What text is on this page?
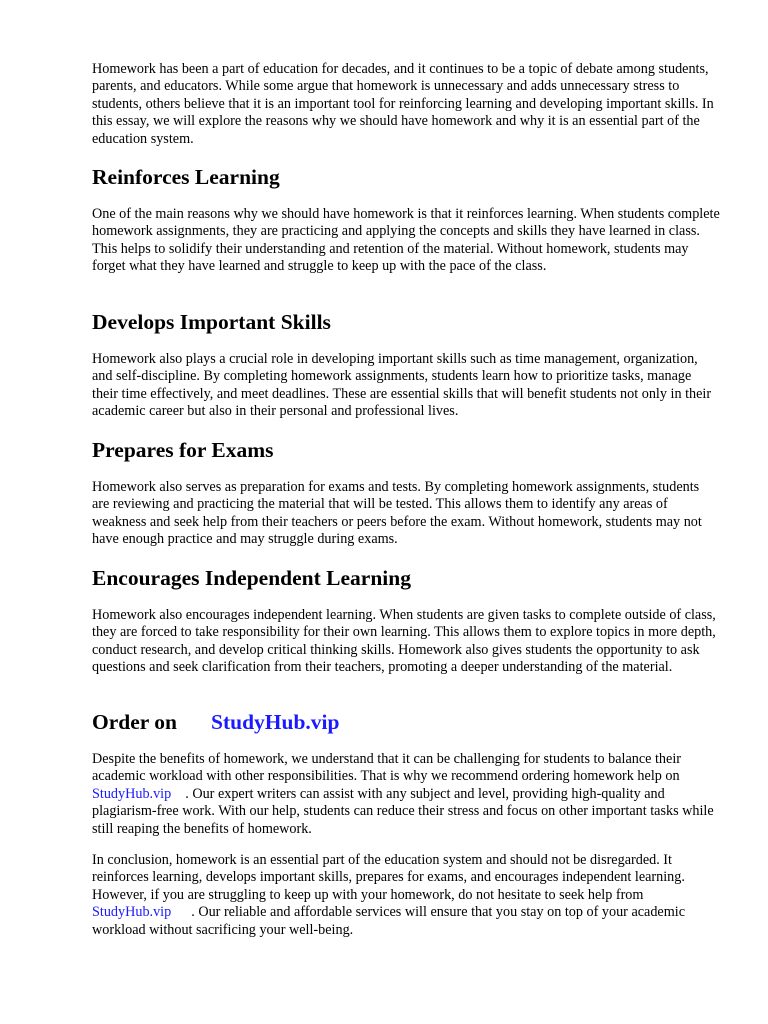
Homework has been a part of education for decades, and it continues to be a topic of debate among students, parents, and educators. While some argue that homework is unnecessary and adds unnecessary stress to students, others believe that it is an important tool for reinforcing learning and developing important skills. In this essay, we will explore the reasons why we should have homework and why it is an essential part of the education system.

Reinforces Learning

One of the main reasons why we should have homework is that it reinforces learning. When students complete homework assignments, they are practicing and applying the concepts and skills they have learned in class. This helps to solidify their understanding and retention of the material. Without homework, students may forget what they have learned and struggle to keep up with the pace of the class.

Develops Important Skills

Homework also plays a crucial role in developing important skills such as time management, organization, and self-discipline. By completing homework assignments, students learn how to prioritize tasks, manage their time effectively, and meet deadlines. These are essential skills that will benefit students not only in their academic career but also in their personal and professional lives.

Prepares for Exams

Homework also serves as preparation for exams and tests. By completing homework assignments, students are reviewing and practicing the material that will be tested. This allows them to identify any areas of weakness and seek help from their teachers or peers before the exam. Without homework, students may not have enough practice and may struggle during exams.

Encourages Independent Learning

Homework also encourages independent learning. When students are given tasks to complete outside of class, they are forced to take responsibility for their own learning. This allows them to explore topics in more depth, conduct research, and develop critical thinking skills. Homework also gives students the opportunity to ask questions and seek clarification from their teachers, promoting a deeper understanding of the material.

Order on StudyHub.vip

Despite the benefits of homework, we understand that it can be challenging for students to balance their academic workload with other responsibilities. That is why we recommend ordering homework help onStudyHub.vip . Our expert writers can assist with any subject and level, providing high-quality and plagiarism-free work. With our help, students can reduce their stress and focus on other important tasks while still reaping the benefits of homework.

In conclusion, homework is an essential part of the education system and should not be disregarded. It reinforces learning, develops important skills, prepares for exams, and encourages independent learning. However, if you are struggling to keep up with your homework, do not hesitate to seek help fromStudyHub.vip . Our reliable and affordable services will ensure that you stay on top of your academic workload without sacrificing your well-being.
